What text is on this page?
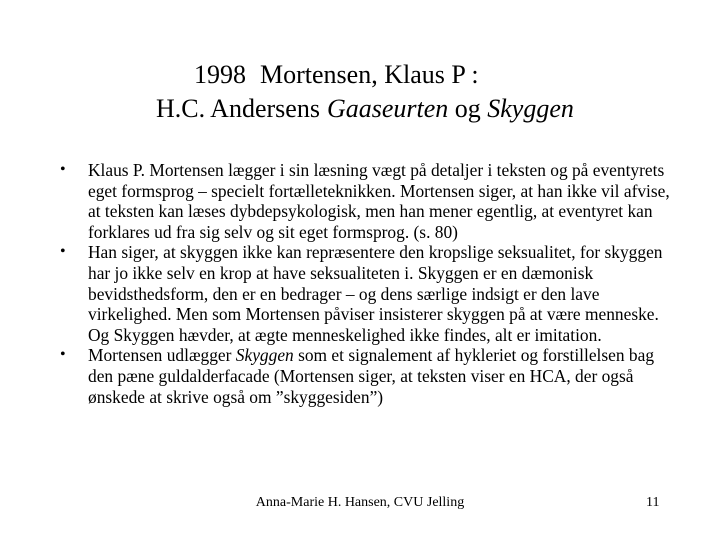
1998 Mortensen, Klaus P :
H.C. Andersens Gaaseurten og Skyggen
• Klaus P. Mortensen lægger i sin læsning vægt på detaljer i teksten og på eventyrets eget formsprog – specielt fortælleteknikken. Mortensen siger, at han ikke vil afvise, at teksten kan læses dybdepsykologisk, men han mener egentlig, at eventyret kan forklares ud fra sig selv og sit eget formsprog. (s. 80)
• Han siger, at skyggen ikke kan repræsentere den kropslige seksualitet, for skyggen har jo ikke selv en krop at have seksualiteten i. Skyggen er en dæmonisk bevidsthedsform, den er en bedrager – og dens særlige indsigt er den lave virkelighed. Men som Mortensen påviser insisterer skyggen på at være menneske. Og Skyggen hævder, at ægte menneskelighed ikke findes, alt er imitation.
• Mortensen udlægger Skyggen som et signalement af hykleriet og forstillelsen bag den pæne guldalderfacade (Mortensen siger, at teksten viser en HCA, der også ønskede at skrive også om ”skyggesiden”)
Anna-Marie H. Hansen, CVU Jelling	11
